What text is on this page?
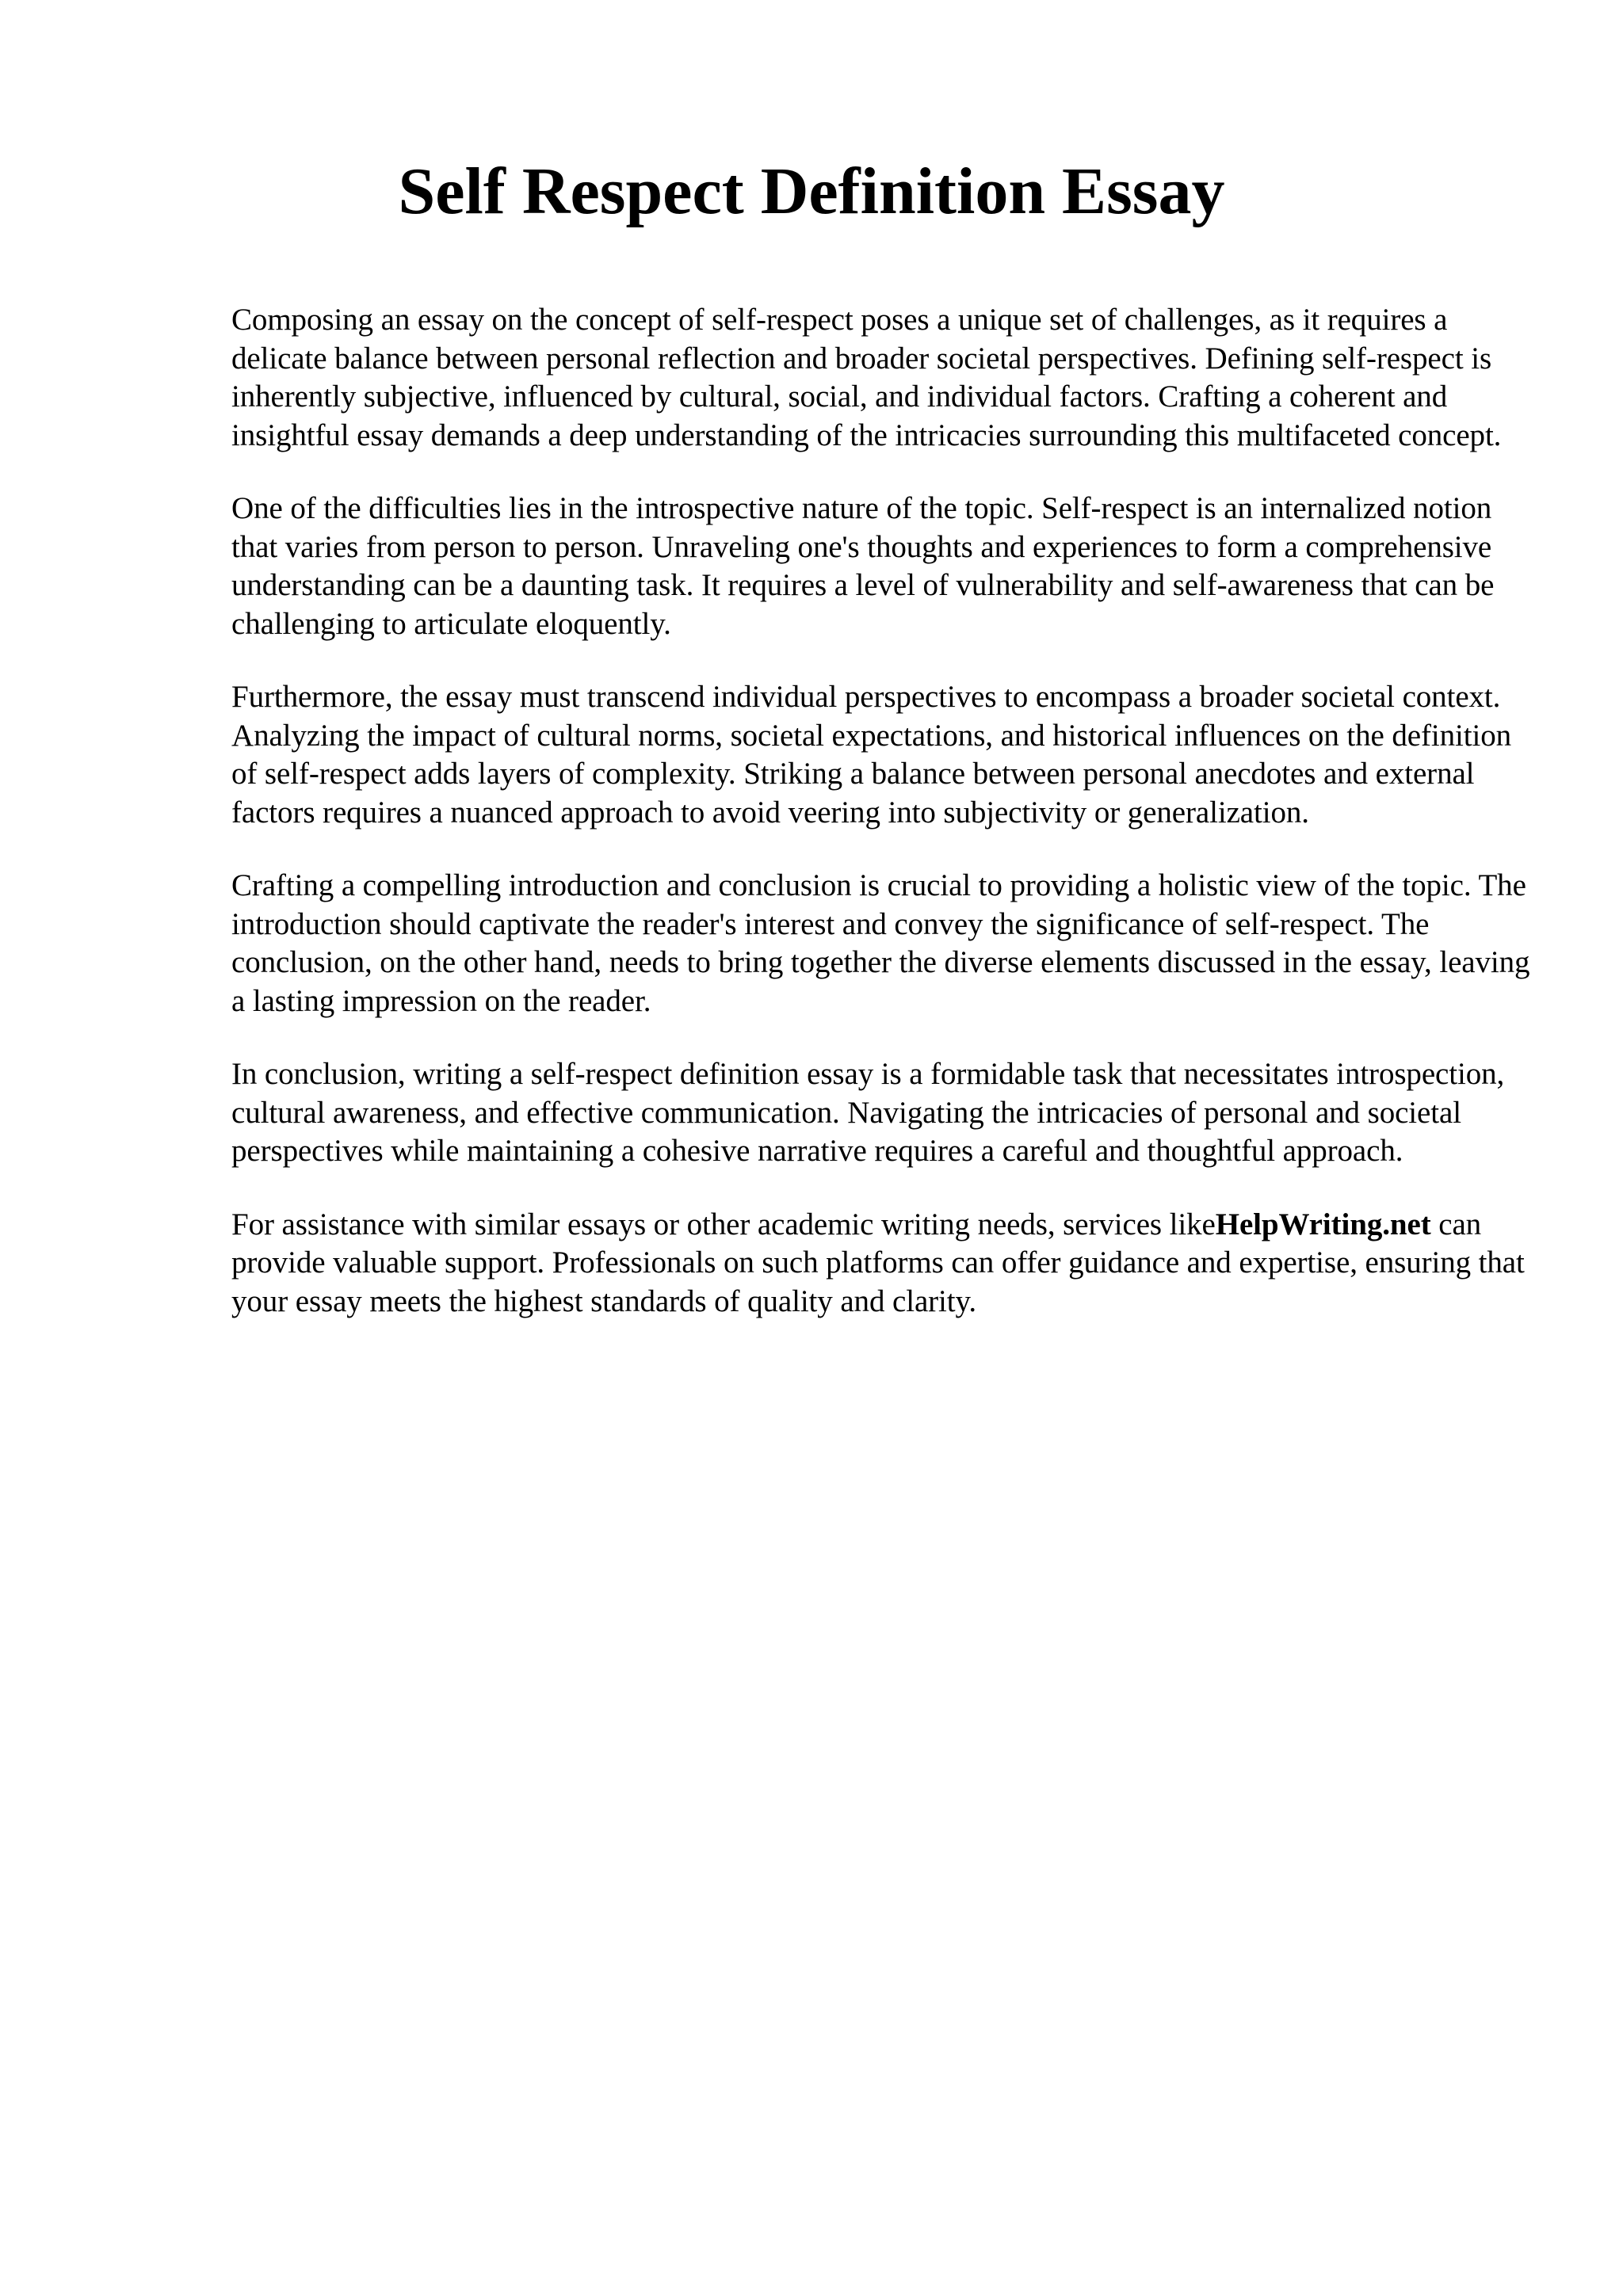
Self Respect Definition Essay

Composing an essay on the concept of self-respect poses a unique set of challenges, as it requires a delicate balance between personal reflection and broader societal perspectives. Defining self-respect is inherently subjective, influenced by cultural, social, and individual factors. Crafting a coherent and insightful essay demands a deep understanding of the intricacies surrounding this multifaceted concept.

One of the difficulties lies in the introspective nature of the topic. Self-respect is an internalized notion that varies from person to person. Unraveling one's thoughts and experiences to form a comprehensive understanding can be a daunting task. It requires a level of vulnerability and self-awareness that can be challenging to articulate eloquently.

Furthermore, the essay must transcend individual perspectives to encompass a broader societal context. Analyzing the impact of cultural norms, societal expectations, and historical influences on the definition of self-respect adds layers of complexity. Striking a balance between personal anecdotes and external factors requires a nuanced approach to avoid veering into subjectivity or generalization.

Crafting a compelling introduction and conclusion is crucial to providing a holistic view of the topic. The introduction should captivate the reader's interest and convey the significance of self-respect. The conclusion, on the other hand, needs to bring together the diverse elements discussed in the essay, leaving a lasting impression on the reader.

In conclusion, writing a self-respect definition essay is a formidable task that necessitates introspection, cultural awareness, and effective communication. Navigating the intricacies of personal and societal perspectives while maintaining a cohesive narrative requires a careful and thoughtful approach.

For assistance with similar essays or other academic writing needs, services likeHelpWriting.net can provide valuable support. Professionals on such platforms can offer guidance and expertise, ensuring that your essay meets the highest standards of quality and clarity.
